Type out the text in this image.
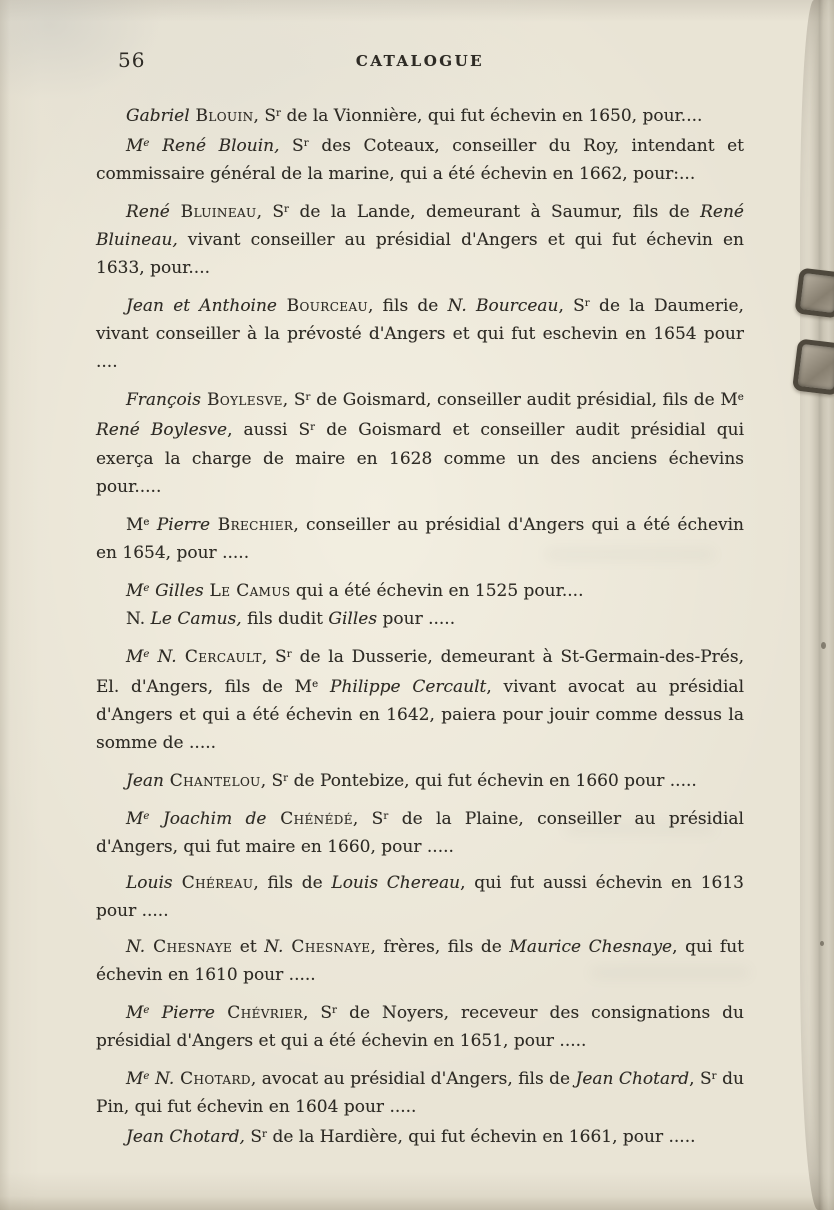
56	CATALOGUE

Gabriel Blouin, $S^r$ de la Vionnière, qui fut échevin en 1650, pour....

Me René Blouin, $S^r$ des Coteaux, conseiller du Roy, intendant et commissaire général de la marine, qui a été échevin en 1662, pour:...

René Bluineau, $S^r$ de la Lande, demeurant à Saumur, fils de René Bluineau, vivant conseiller au présidial d'Angers et qui fut échevin en 1633, pour....

Jean et Anthoine Bourceau, fils de N. Bourceau, $S^r$ de la Daumerie, vivant conseiller à la prévosté d'Angers et qui fut eschevin en 1654 pour ....

François Boylesve, $S^r$ de Goismard, conseiller audit présidial, fils de Me René Boylesve, aussi $S^r$ de Goismard et conseiller audit présidial qui exerça la charge de maire en 1628 comme un des anciens échevins pour.....

Me Pierre Brechier, conseiller au présidial d'Angers qui a été échevin en 1654, pour .....

Me Gilles Le Camus qui a été échevin en 1525 pour....

N. Le Camus, fils dudit Gilles pour .....

Me N. Cercault, $S^r$ de la Dusserie, demeurant à St-Germain-des-Prés, El. d'Angers, fils de Me Philippe Cercault, vivant avocat au présidial d'Angers et qui a été échevin en 1642, paiera pour jouir comme dessus la somme de .....

Jean Chantelou, $S^r$ de Pontebize, qui fut échevin en 1660 pour .....

Me Joachim de Chénédé, $S^r$ de la Plaine, conseiller au présidial d'Angers, qui fut maire en 1660, pour .....

Louis Chéreau, fils de Louis Chereau, qui fut aussi échevin en 1613 pour .....

N. Chesnaye et N. Chesnaye, frères, fils de Maurice Chesnaye, qui fut échevin en 1610 pour .....

Me Pierre Chévrier, $S^r$ de Noyers, receveur des consignations du présidial d'Angers et qui a été échevin en 1651, pour .....

Me N. Chotard, avocat au présidial d'Angers, fils de Jean Chotard, $S^r$ du Pin, qui fut échevin en 1604 pour .....

Jean Chotard, $S^r$ de la Hardière, qui fut échevin en 1661, pour .....
